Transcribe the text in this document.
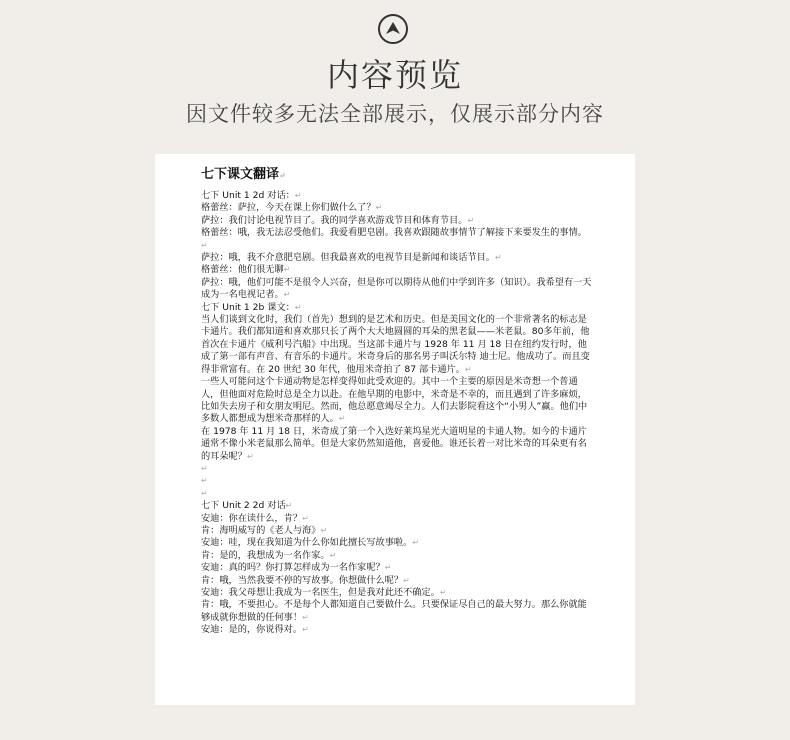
内容预览
因文件较多无法全部展示，仅展示部分内容
七下课文翻译↵
七下 Unit 1 2d 对话：↵
格蕾丝：萨拉，今天在课上你们做什么了？↵
萨拉：我们讨论电视节目了。我的同学喜欢游戏节目和体育节目。↵
格蕾丝：哦，我无法忍受他们。我爱看肥皂剧。我喜欢跟随故事情节了解接下来要发生的事情。↵
萨拉：哦，我不介意肥皂剧。但我最喜欢的电视节目是新闻和谈话节目。↵
格蕾丝：他们很无聊↵
萨拉：哦，他们可能不是很令人兴奋，但是你可以期待从他们中学到许多（知识）。我希望有一天成为一名电视记者。↵
七下 Unit 1 2b 课文：↵
当人们谈到文化时，我们（首先）想到的是艺术和历史。但是美国文化的一个非常著名的标志是卡通片。我们都知道和喜欢那只长了两个大大地圆圆的耳朵的黑老鼠——米老鼠。80多年前，他首次在卡通片《威利号汽船》中出现。当这部卡通片与 1928 年 11 月 18 日在纽约发行时，他成了第一部有声音、有音乐的卡通片。米奇身后的那名男子叫沃尔特 迪士尼。他成功了。而且变得非常富有。在 20 世纪 30 年代，他用米奇拍了 87 部卡通片。↵
一些人可能问这个卡通动物是怎样变得如此受欢迎的。其中一个主要的原因是米奇想一个普通人，但他面对危险时总是全力以赴。在他早期的电影中，米奇是不幸的，而且遇到了许多麻烦，比如失去房子和女朋友明尼。然而，他总愿意竭尽全力。人们去影院看这个“小男人”赢。他们中多数人都想成为想米奇那样的人。↵
在 1978 年 11 月 18 日，米奇成了第一个入选好莱坞星光大道明星的卡通人物。如今的卡通片通常不像小米老鼠那么简单。但是大家仍然知道他，喜爱他。谁还长着一对比米奇的耳朵更有名的耳朵呢？↵
↵
↵
↵
七下 Unit 2 2d 对话↵
安迪：你在读什么，肯？↵
肯：海明威写的《老人与海》↵
安迪：哇，现在我知道为什么你如此擅长写故事啦。↵
肯：是的，我想成为一名作家。↵
安迪：真的吗？你打算怎样成为一名作家呢？↵
肯：哦，当然我要不停的写故事。你想做什么呢？↵
安迪：我父母想让我成为一名医生，但是我对此还不确定。↵
肯：哦，不要担心。不是每个人都知道自己要做什么。只要保证尽自己的最大努力。那么你就能够成就你想做的任何事！↵
安迪：是的，你说得对。↵
